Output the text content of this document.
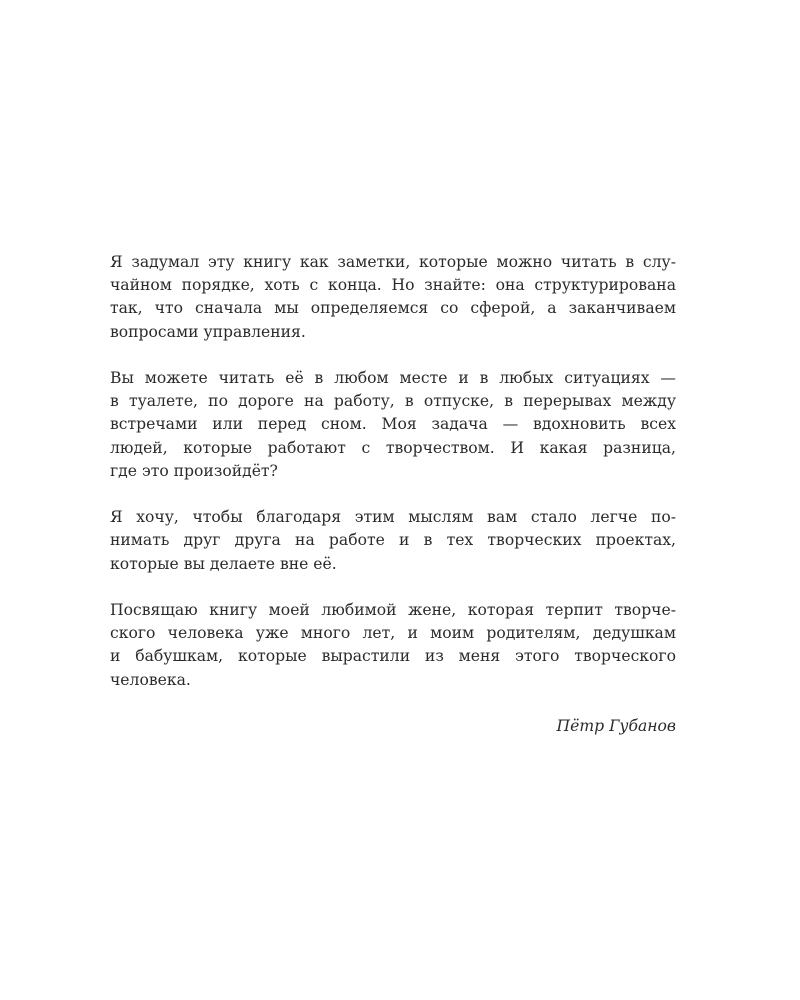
Я задумал эту книгу как заметки, которые можно читать в слу-
чайном порядке, хоть с конца. Но знайте: она структурирована
так, что сначала мы определяемся со сферой, а заканчиваем
вопросами управления.

Вы можете читать её в любом месте и в любых ситуациях —
в туалете, по дороге на работу, в отпуске, в перерывах между
встречами или перед сном. Моя задача — вдохновить всех
людей, которые работают с творчеством. И какая разница,
где это произойдёт?

Я хочу, чтобы благодаря этим мыслям вам стало легче по-
нимать друг друга на работе и в тех творческих проектах,
которые вы делаете вне её.

Посвящаю книгу моей любимой жене, которая терпит творче-
ского человека уже много лет, и моим родителям, дедушкам
и бабушкам, которые вырастили из меня этого творческого
человека.

Пётр Губанов
